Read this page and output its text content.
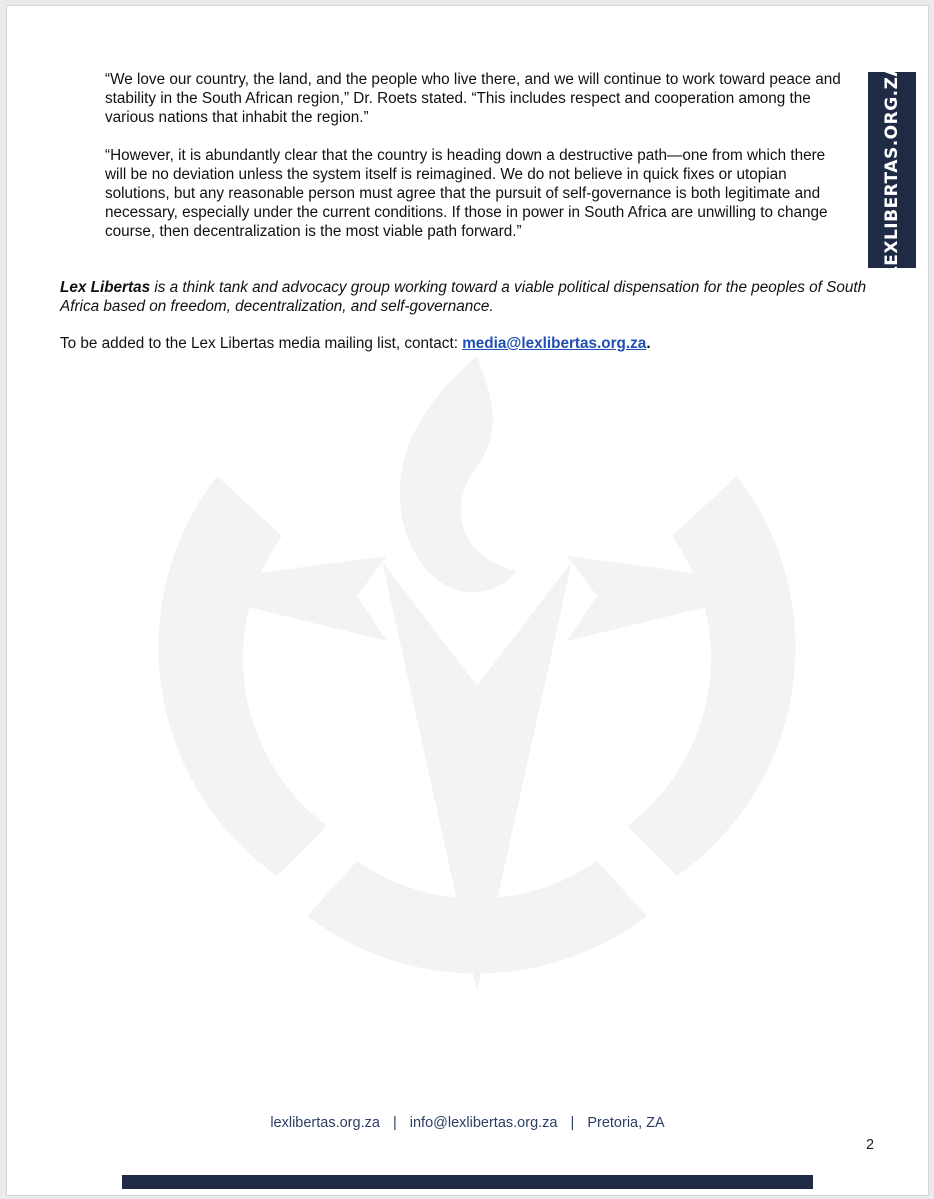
LEXLIBERTAS.ORG.ZA

“We love our country, the land, and the people who live there, and we will continue to work toward peace and stability in the South African region,” Dr. Roets stated. “This includes respect and cooperation among the various nations that inhabit the region.”

“However, it is abundantly clear that the country is heading down a destructive path—one from which there will be no deviation unless the system itself is reimagined. We do not believe in quick fixes or utopian solutions, but any reasonable person must agree that the pursuit of self-governance is both legitimate and necessary, especially under the current conditions. If those in power in South Africa are unwilling to change course, then decentralization is the most viable path forward.”

Lex Libertas is a think tank and advocacy group working toward a viable political dispensation for the peoples of South Africa based on freedom, decentralization, and self-governance.

To be added to the Lex Libertas media mailing list, contact: media@lexlibertas.org.za.

lexlibertas.org.za | info@lexlibertas.org.za | Pretoria, ZA
2
